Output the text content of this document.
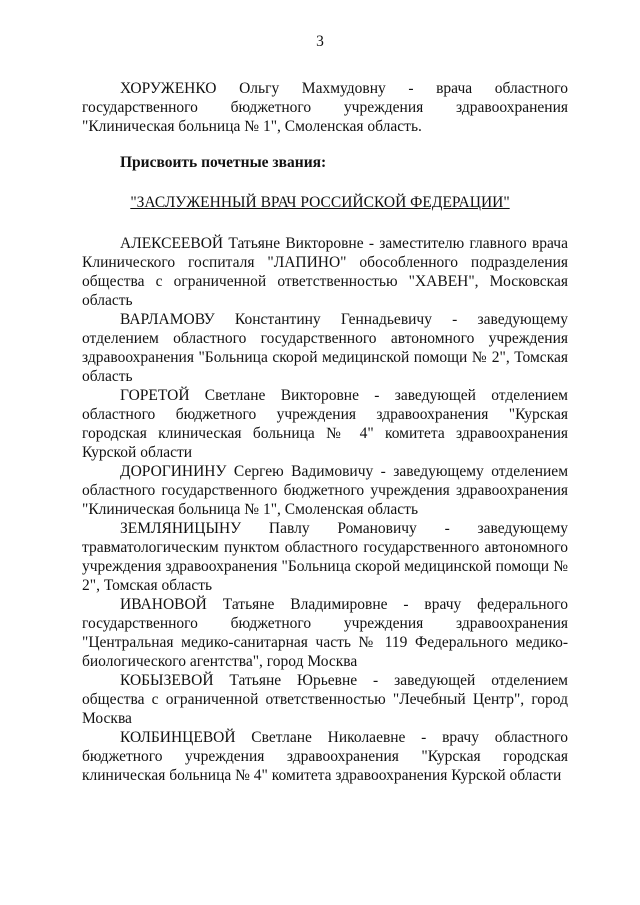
3

ХОРУЖЕНКО Ольгу Махмудовну - врача областного государственного бюджетного учреждения здравоохранения "Клиническая больница № 1", Смоленская область.

Присвоить почетные звания:
"ЗАСЛУЖЕННЫЙ ВРАЧ РОССИЙСКОЙ ФЕДЕРАЦИИ"

АЛЕКСЕЕВОЙ Татьяне Викторовне - заместителю главного врача Клинического госпиталя "ЛАПИНО" обособленного подразделения общества с ограниченной ответственностью "ХАВЕН", Московская область

ВАРЛАМОВУ Константину Геннадьевичу - заведующему отделением областного государственного автономного учреждения здравоохранения "Больница скорой медицинской помощи № 2", Томская область

ГОРЕТОЙ Светлане Викторовне - заведующей отделением областного бюджетного учреждения здравоохранения "Курская городская клиническая больница № 4" комитета здравоохранения Курской области

ДОРОГИНИНУ Сергею Вадимовичу - заведующему отделением областного государственного бюджетного учреждения здравоохранения "Клиническая больница № 1", Смоленская область

ЗЕМЛЯНИЦЫНУ Павлу Романовичу - заведующему травматологическим пунктом областного государственного автономного учреждения здравоохранения "Больница скорой медицинской помощи № 2", Томская область

ИВАНОВОЙ Татьяне Владимировне - врачу федерального государственного бюджетного учреждения здравоохранения "Центральная медико-санитарная часть № 119 Федерального медико-биологического агентства", город Москва

КОБЫЗЕВОЙ Татьяне Юрьевне - заведующей отделением общества с ограниченной ответственностью "Лечебный Центр", город Москва

КОЛБИНЦЕВОЙ Светлане Николаевне - врачу областного бюджетного учреждения здравоохранения "Курская городская клиническая больница № 4" комитета здравоохранения Курской области
